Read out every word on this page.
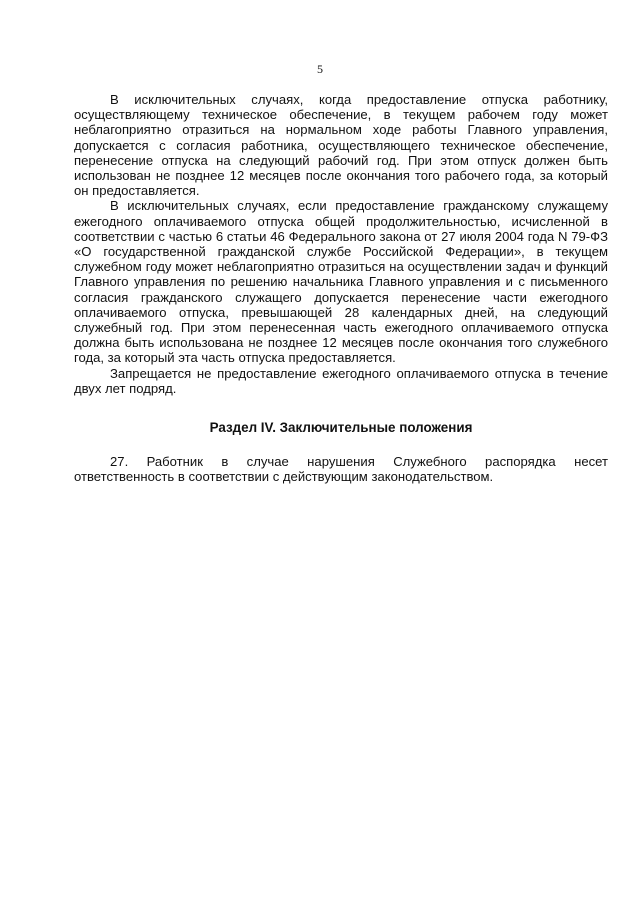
5

В исключительных случаях, когда предоставление отпуска работнику, осуществляющему техническое обеспечение, в текущем рабочем году может неблагоприятно отразиться на нормальном ходе работы Главного управления, допускается с согласия работника, осуществляющего техническое обеспечение, перенесение отпуска на следующий рабочий год. При этом отпуск должен быть использован не позднее 12 месяцев после окончания того рабочего года, за который он предоставляется.

В исключительных случаях, если предоставление гражданскому служащему ежегодного оплачиваемого отпуска общей продолжительностью, исчисленной в соответствии с частью 6 статьи 46 Федерального закона от 27 июля 2004 года N 79-ФЗ «О государственной гражданской службе Российской Федерации», в текущем служебном году может неблагоприятно отразиться на осуществлении задач и функций Главного управления по решению начальника Главного управления и с письменного согласия гражданского служащего допускается перенесение части ежегодного оплачиваемого отпуска, превышающей 28 календарных дней, на следующий служебный год. При этом перенесенная часть ежегодного оплачиваемого отпуска должна быть использована не позднее 12 месяцев после окончания того служебного года, за который эта часть отпуска предоставляется.

Запрещается не предоставление ежегодного оплачиваемого отпуска в течение двух лет подряд.

Раздел IV. Заключительные положения

27. Работник в случае нарушения Служебного распорядка несет ответственность в соответствии с действующим законодательством.
